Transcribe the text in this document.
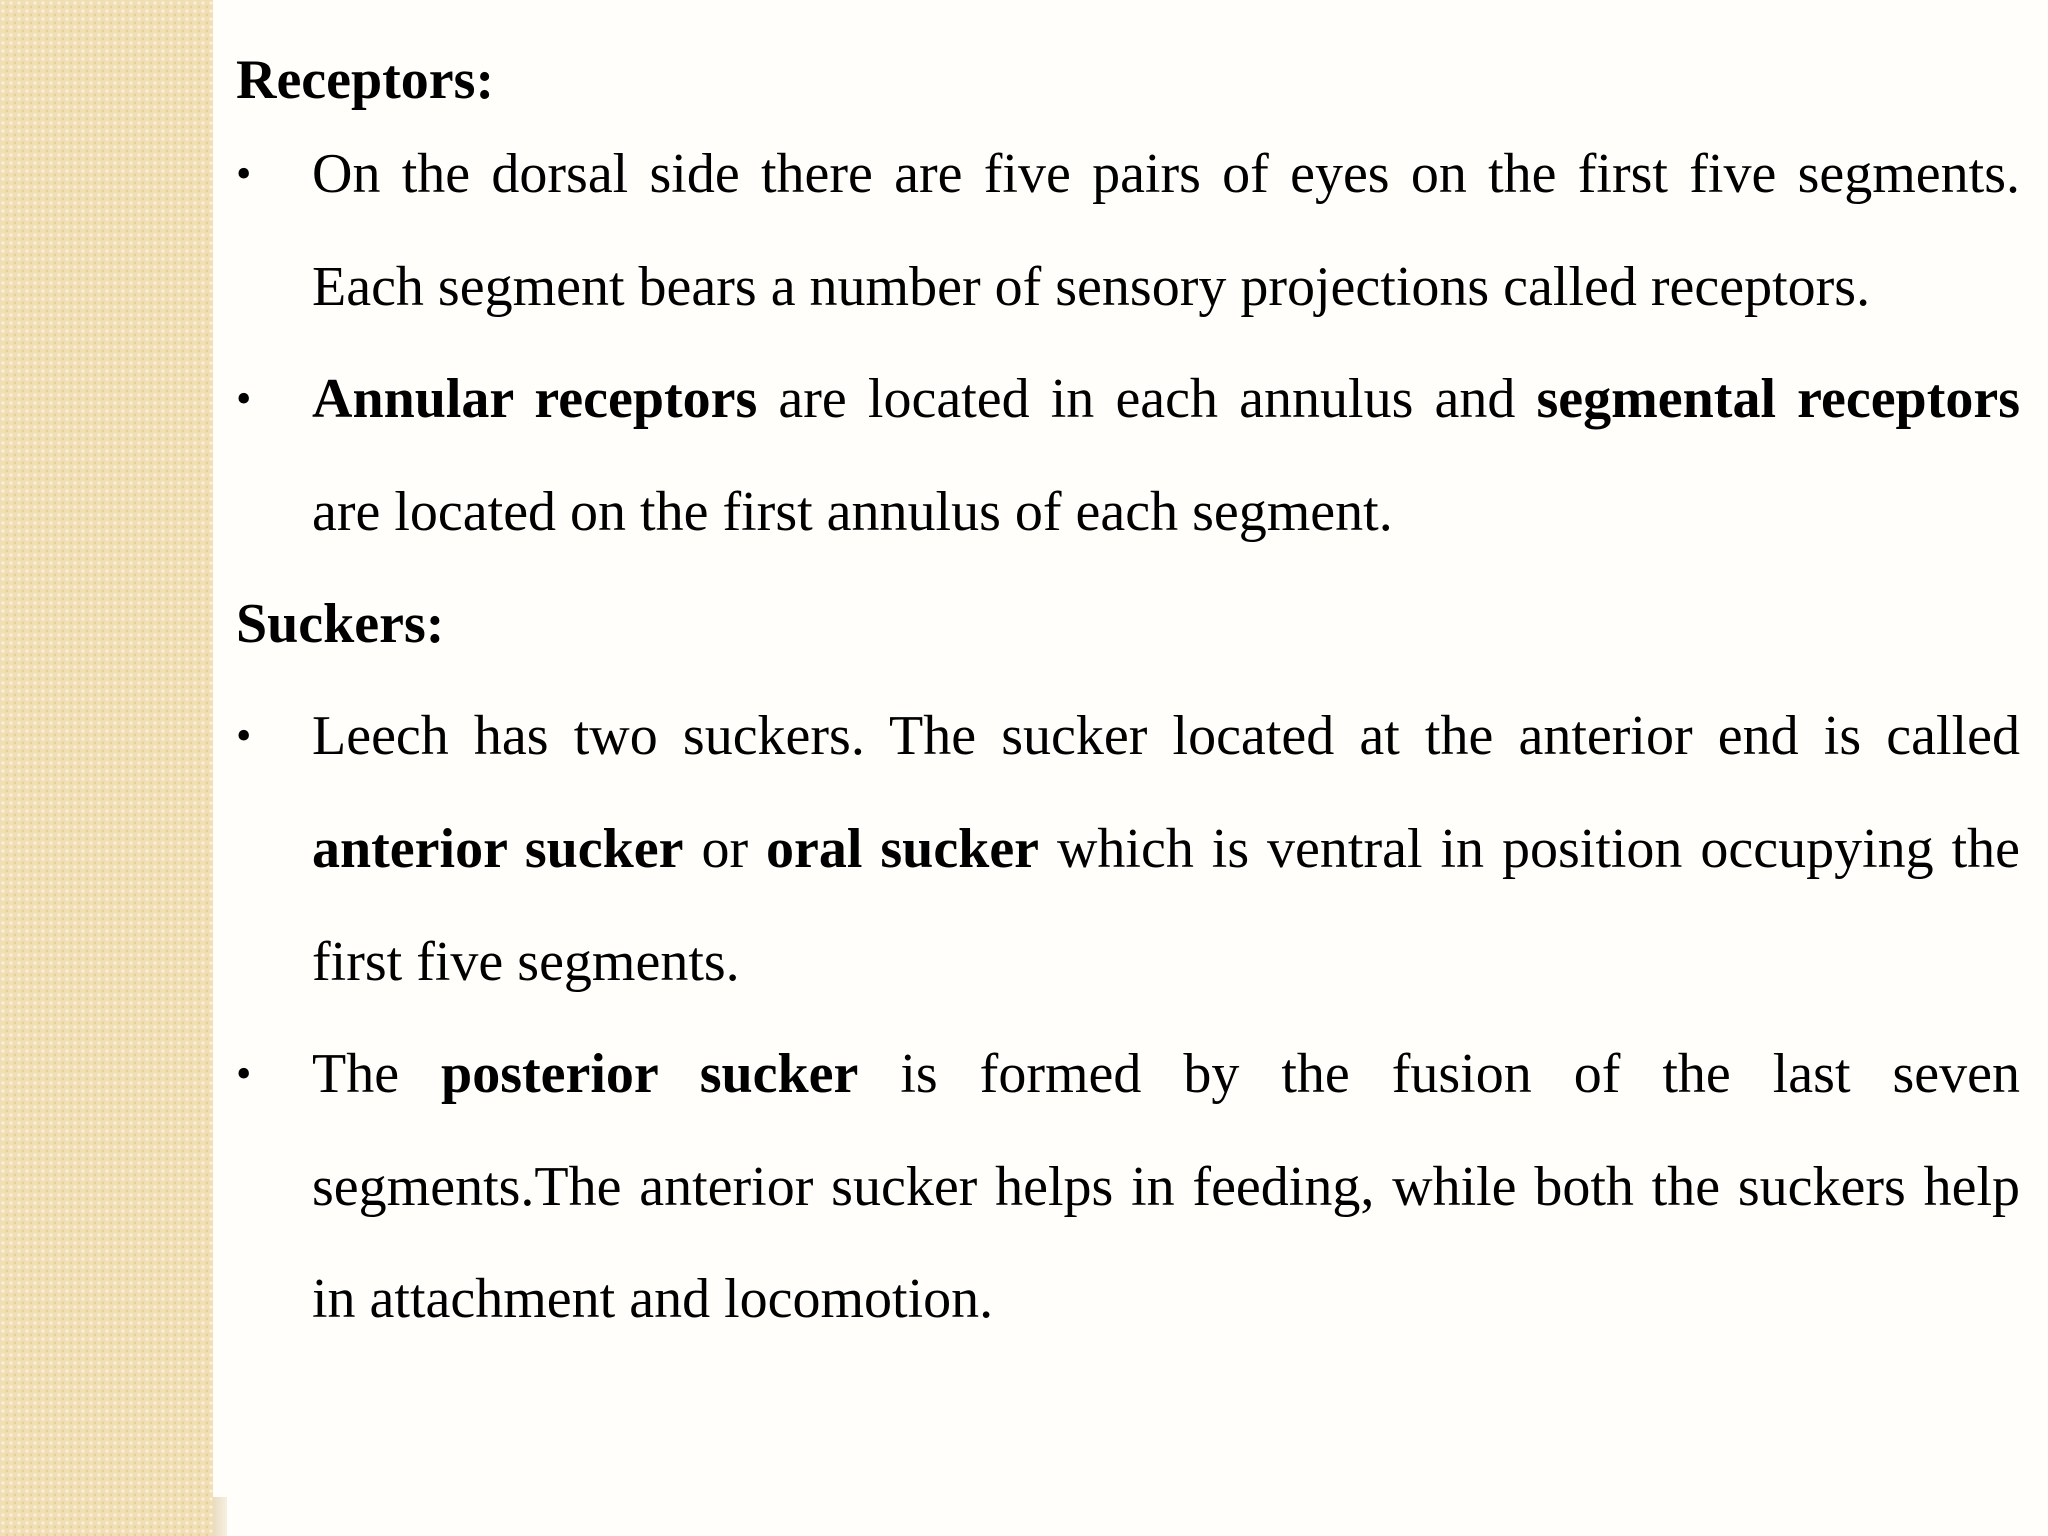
Receptors:
•	On the dorsal side there are five pairs of eyes on the first five segments. Each segment bears a number of sensory projections called receptors.
•	Annular receptors are located in each annulus and segmental receptors are located on the first annulus of each segment.
Suckers:
•	Leech has two suckers. The sucker located at the anterior end is called anterior sucker or oral sucker which is ventral in position occupying the first five segments.
•	The posterior sucker is formed by the fusion of the last seven segments.The anterior sucker helps in feeding, while both the suckers help in attachment and locomotion.
